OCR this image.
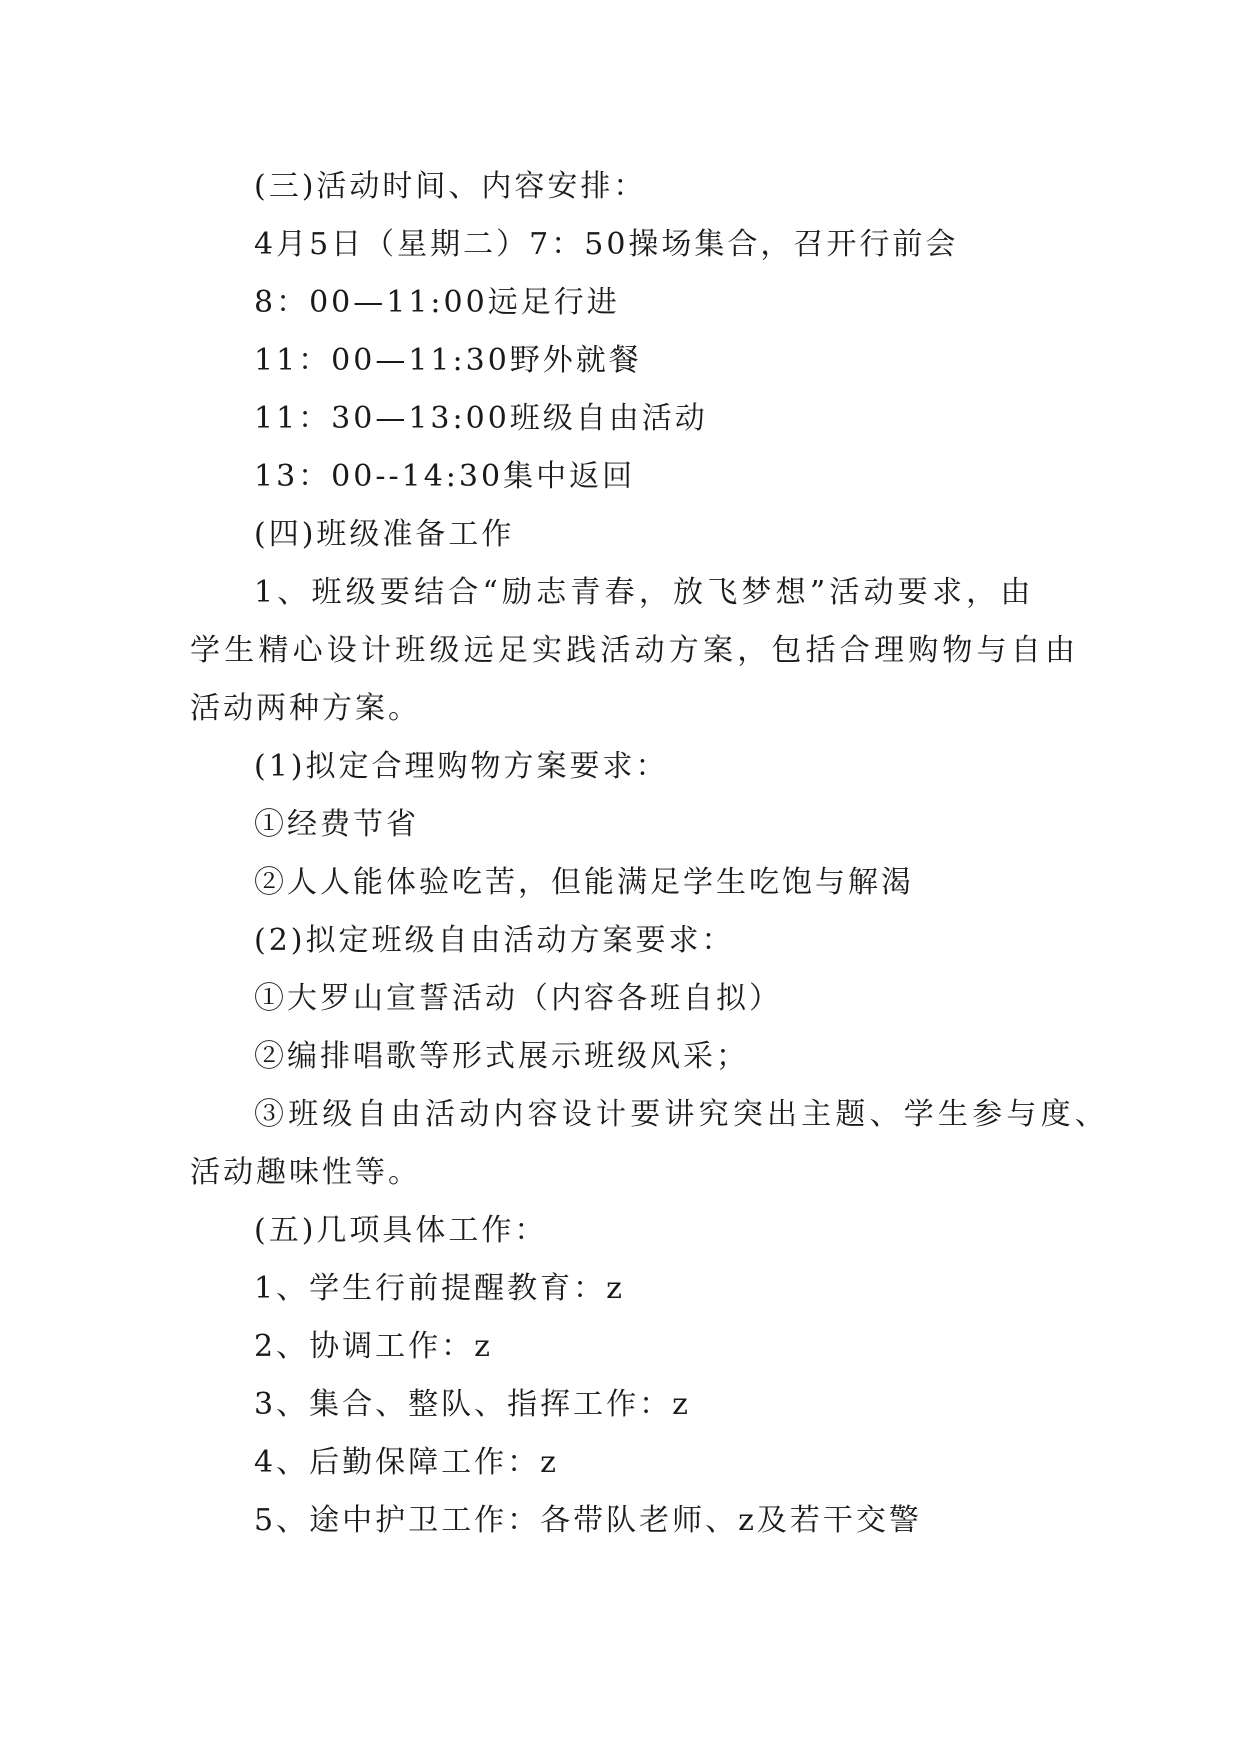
(三)活动时间、内容安排：
4月5日（星期二）7：50操场集合，召开行前会
8：00—11:00远足行进
11：00—11:30野外就餐
11：30—13:00班级自由活动
13：00--14:30集中返回
(四)班级准备工作
1、班级要结合“励志青春，放飞梦想”活动要求，由
学生精心设计班级远足实践活动方案，包括合理购物与自由
活动两种方案。
(1)拟定合理购物方案要求：
①经费节省
②人人能体验吃苦，但能满足学生吃饱与解渴
(2)拟定班级自由活动方案要求：
①大罗山宣誓活动（内容各班自拟）
②编排唱歌等形式展示班级风采；
③班级自由活动内容设计要讲究突出主题、学生参与度、
活动趣味性等。
(五)几项具体工作：
1、学生行前提醒教育：z
2、协调工作：z
3、集合、整队、指挥工作：z
4、后勤保障工作：z
5、途中护卫工作：各带队老师、z及若干交警
